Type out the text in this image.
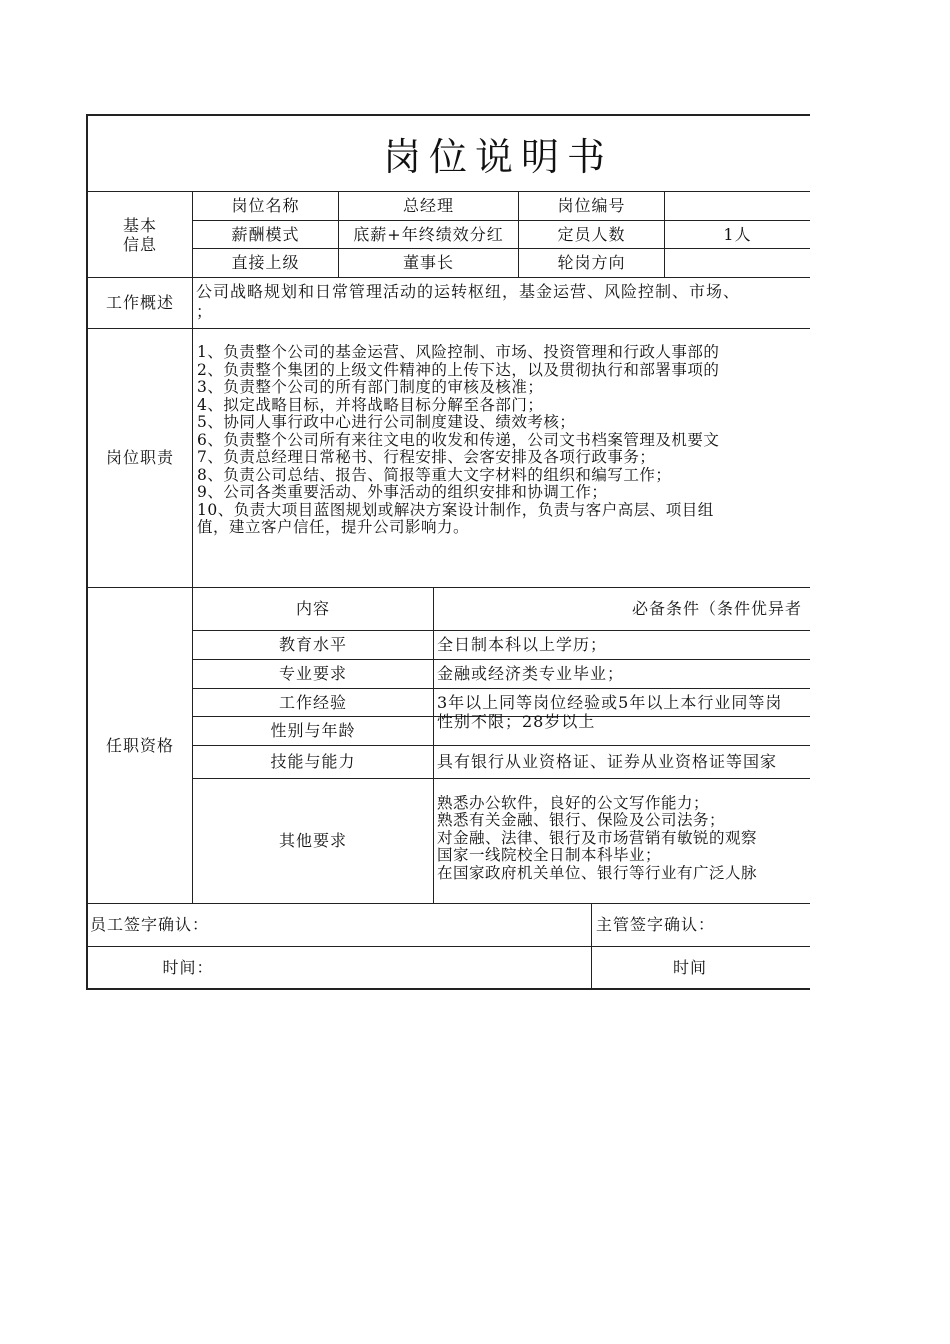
岗位说明书
基本
信息
岗位名称	总经理	岗位编号
薪酬模式	底薪+年终绩效分红	定员人数	1人
直接上级	董事长	轮岗方向
工作概述
公司战略规划和日常管理活动的运转枢纽，基金运营、风险控制、市场、
；
岗位职责
1、负责整个公司的基金运营、风险控制、市场、投资管理和行政人事部的
2、负责整个集团的上级文件精神的上传下达，以及贯彻执行和部署事项的
3、负责整个公司的所有部门制度的审核及核准；
4、拟定战略目标，并将战略目标分解至各部门；
5、协同人事行政中心进行公司制度建设、绩效考核；
6、负责整个公司所有来往文电的收发和传递，公司文书档案管理及机要文
7、负责总经理日常秘书、行程安排、会客安排及各项行政事务；
8、负责公司总结、报告、简报等重大文字材料的组织和编写工作；
9、公司各类重要活动、外事活动的组织安排和协调工作；
10、负责大项目蓝图规划或解决方案设计制作，负责与客户高层、项目组
值，建立客户信任，提升公司影响力。
任职资格
内容	必备条件（条件优异者
教育水平	全日制本科以上学历；
专业要求	金融或经济类专业毕业；
工作经验	3年以上同等岗位经验或5年以上本行业同等岗
性别与年龄	性别不限；28岁以上
技能与能力	具有银行从业资格证、证券从业资格证等国家
其他要求
熟悉办公软件，良好的公文写作能力；
熟悉有关金融、银行、保险及公司法务；
对金融、法律、银行及市场营销有敏锐的观察
国家一线院校全日制本科毕业；
在国家政府机关单位、银行等行业有广泛人脉
员工签字确认：	主管签字确认：
时间：	时间
